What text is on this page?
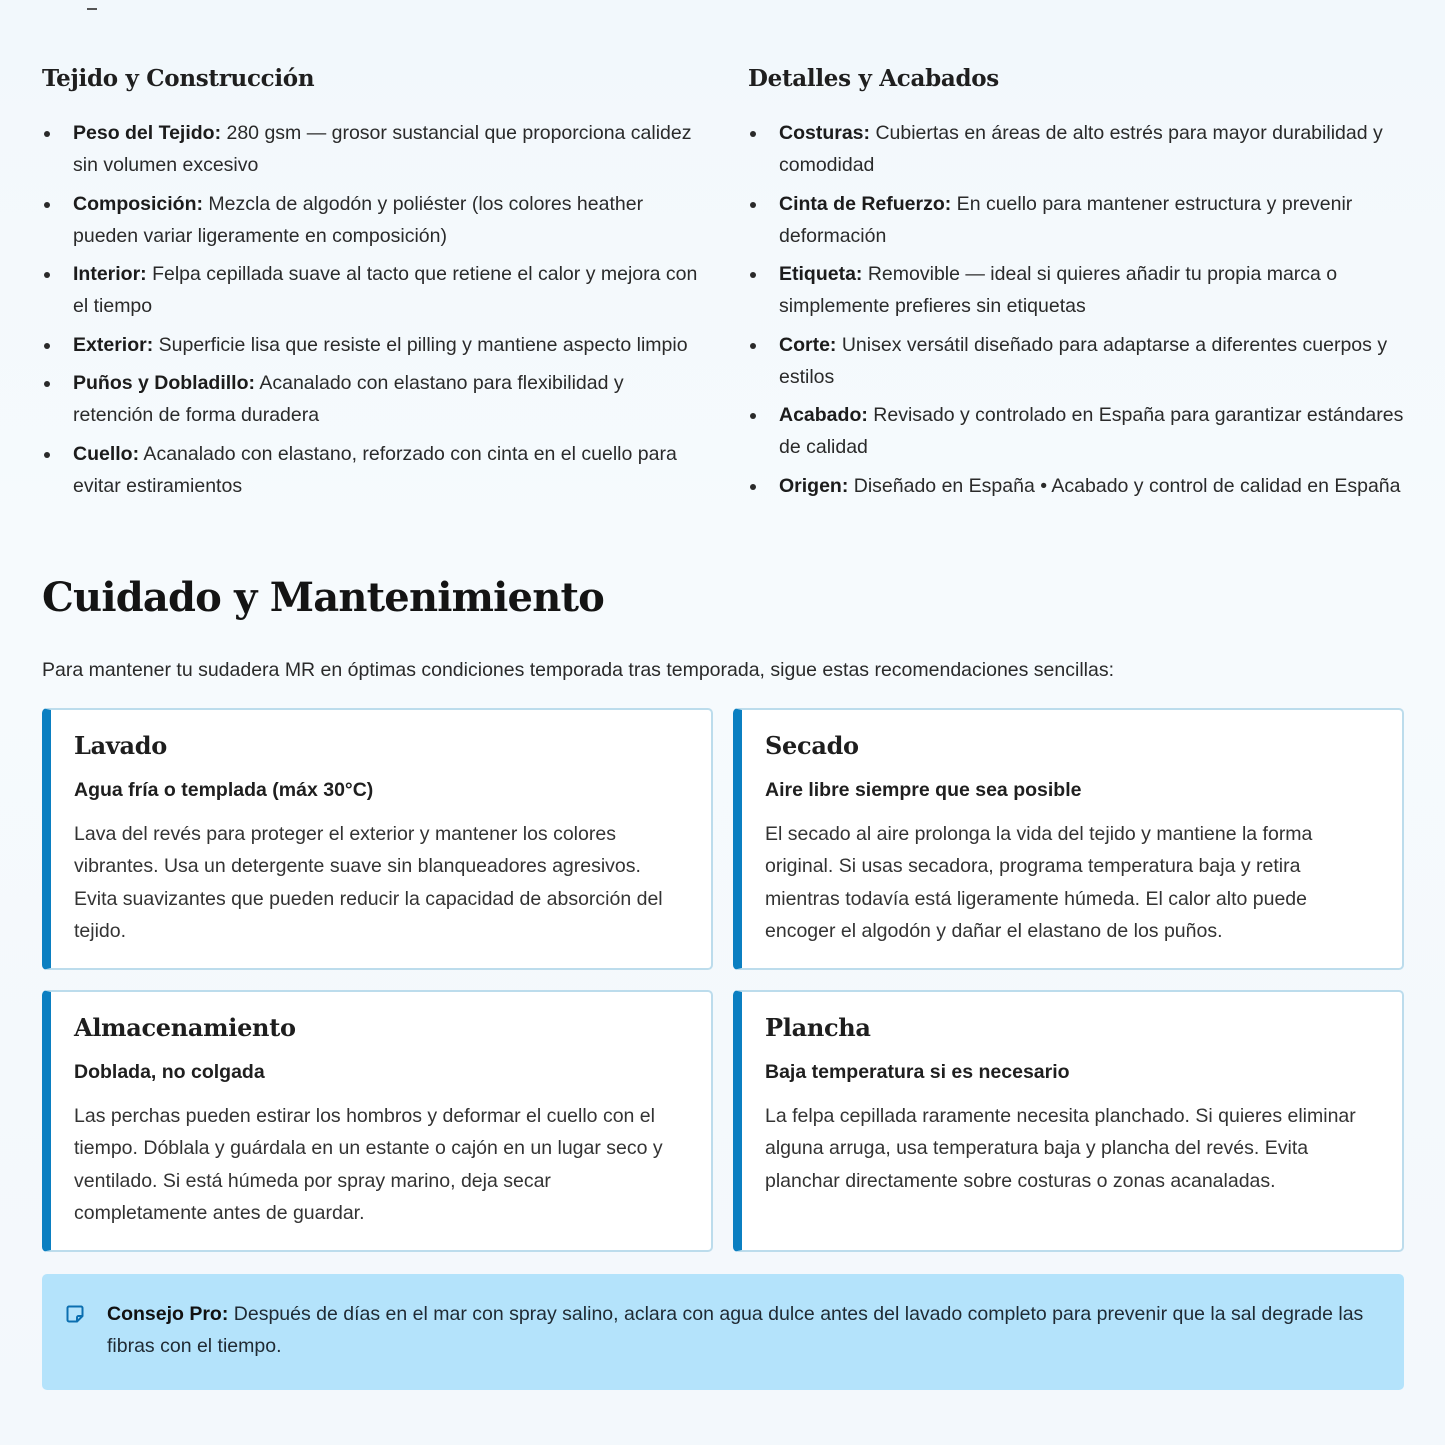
Tejido y Construcción
Peso del Tejido: 280 gsm — grosor sustancial que proporciona calidez sin volumen excesivo
Composición: Mezcla de algodón y poliéster (los colores heather pueden variar ligeramente en composición)
Interior: Felpa cepillada suave al tacto que retiene el calor y mejora con el tiempo
Exterior: Superficie lisa que resiste el pilling y mantiene aspecto limpio
Puños y Dobladillo: Acanalado con elastano para flexibilidad y retención de forma duradera
Cuello: Acanalado con elastano, reforzado con cinta en el cuello para evitar estiramientos
Detalles y Acabados
Costuras: Cubiertas en áreas de alto estrés para mayor durabilidad y comodidad
Cinta de Refuerzo: En cuello para mantener estructura y prevenir deformación
Etiqueta: Removible — ideal si quieres añadir tu propia marca o simplemente prefieres sin etiquetas
Corte: Unisex versátil diseñado para adaptarse a diferentes cuerpos y estilos
Acabado: Revisado y controlado en España para garantizar estándares de calidad
Origen: Diseñado en España • Acabado y control de calidad en España
Cuidado y Mantenimiento

Para mantener tu sudadera MR en óptimas condiciones temporada tras temporada, sigue estas recomendaciones sencillas:

Lavado
Agua fría o templada (máx 30°C)

Lava del revés para proteger el exterior y mantener los colores vibrantes. Usa un detergente suave sin blanqueadores agresivos. Evita suavizantes que pueden reducir la capacidad de absorción del tejido.

Secado
Aire libre siempre que sea posible

El secado al aire prolonga la vida del tejido y mantiene la forma original. Si usas secadora, programa temperatura baja y retira mientras todavía está ligeramente húmeda. El calor alto puede encoger el algodón y dañar el elastano de los puños.

Almacenamiento
Doblada, no colgada

Las perchas pueden estirar los hombros y deformar el cuello con el tiempo. Dóblala y guárdala en un estante o cajón en un lugar seco y ventilado. Si está húmeda por spray marino, deja secar completamente antes de guardar.

Plancha
Baja temperatura si es necesario

La felpa cepillada raramente necesita planchado. Si quieres eliminar alguna arruga, usa temperatura baja y plancha del revés. Evita planchar directamente sobre costuras o zonas acanaladas.

Consejo Pro: Después de días en el mar con spray salino, aclara con agua dulce antes del lavado completo para prevenir que la sal degrade las fibras con el tiempo.
